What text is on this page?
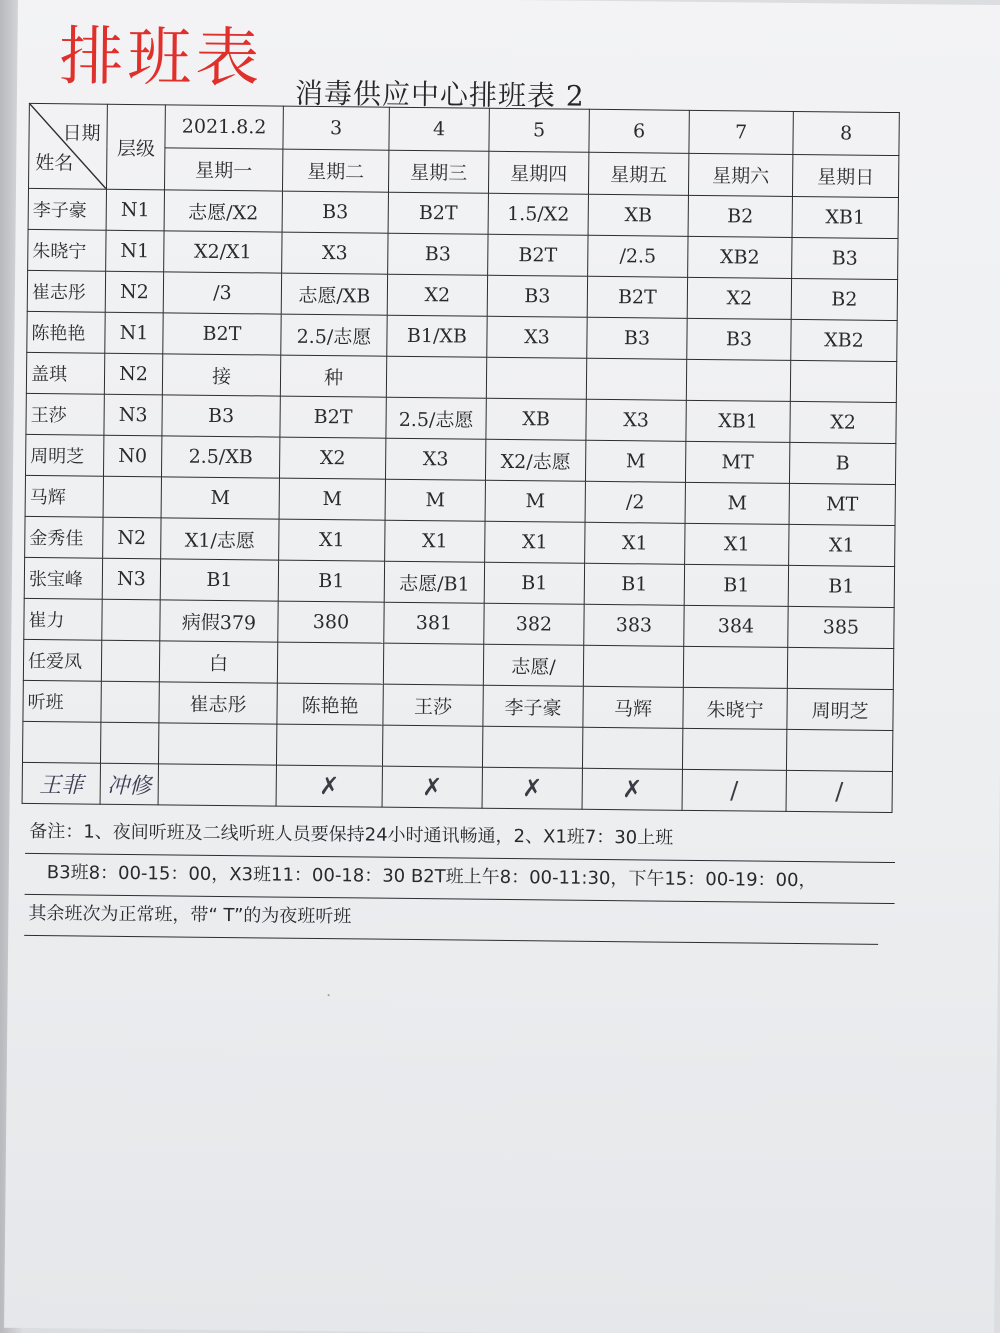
排班表 消毒供应中心排班表 2
日期
姓名	层级	2021.8.2	3	4	5	6	7	8
		星期一	星期二	星期三	星期四	星期五	星期六	星期日
李子豪	N1	志愿/X2	B3	B2T	1.5/X2	XB	B2	XB1
朱晓宁	N1	X2/X1	X3	B3	B2T	/2.5	XB2	B3
崔志彤	N2	/3	志愿/XB	X2	B3	B2T	X2	B2
陈艳艳	N1	B2T	2.5/志愿	B1/XB	X3	B3	B3	XB2
盖琪	N2	接	种					
王莎	N3	B3	B2T	2.5/志愿	XB	X3	XB1	X2
周明芝	N0	2.5/XB	X2	X3	X2/志愿	M	MT	B
马辉		M	M	M	M	/2	M	MT
金秀佳	N2	X1/志愿	X1	X1	X1	X1	X1	X1
张宝峰	N3	B1	B1	志愿/B1	B1	B1	B1	B1
崔力		病假379	380	381	382	383	384	385
任爱凤		白			志愿/			
听班		崔志彤	陈艳艳	王莎	李子豪	马辉	朱晓宁	周明芝

王菲	冲修		✗	✗	✗	✗	/	/
备注：1、夜间听班及二线听班人员要保持24小时通讯畅通，2、X1班7：30上班
B3班8：00-15：00，X3班11：00-18：30 B2T班上午8：00-11:30，下午15：00-19：00，
其余班次为正常班，带“ T”的为夜班听班
